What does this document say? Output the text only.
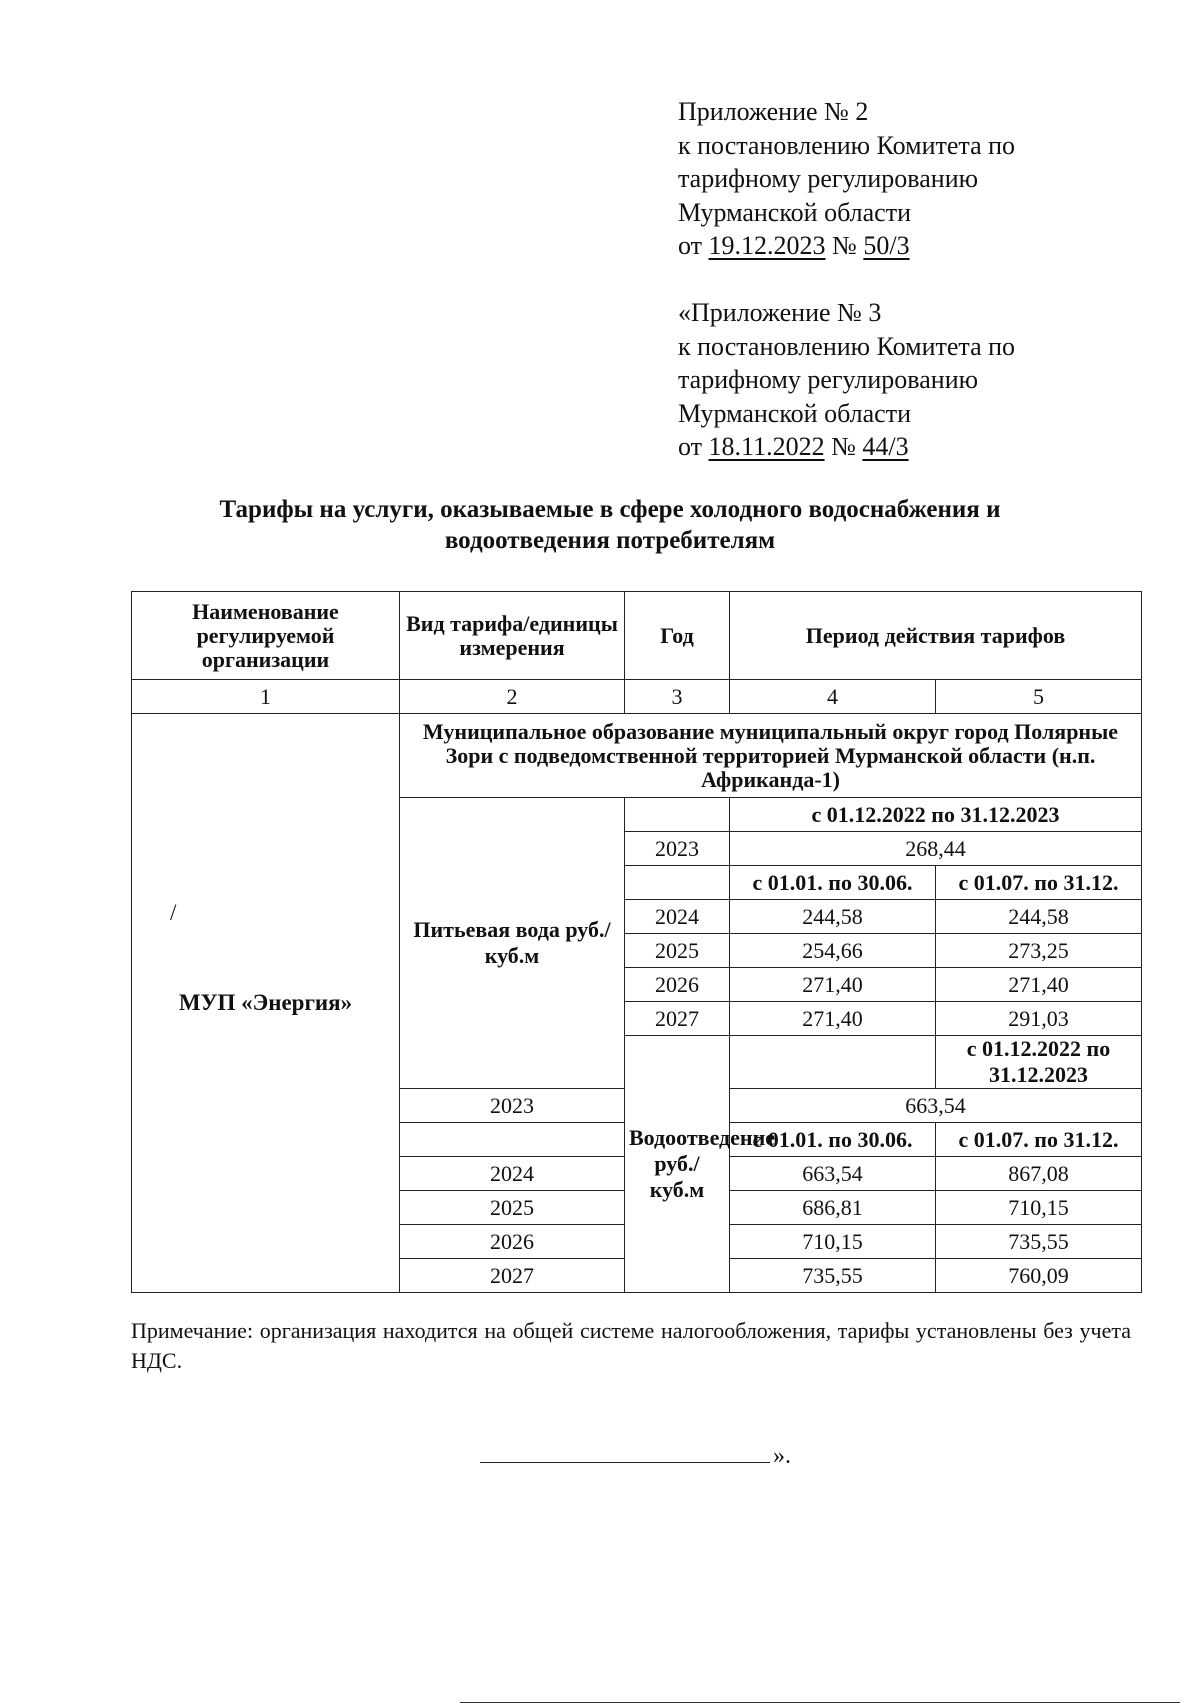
Приложение № 2
к постановлению Комитета по
тарифному регулированию
Мурманской области
от 19.12.2023 № 50/3
«Приложение № 3
к постановлению Комитета по
тарифному регулированию
Мурманской области
от 18.11.2022 № 44/3
Тарифы на услуги, оказываемые в сфере холодного водоснабжения и
водоотведения потребителям
Наименование регулируемой организации	Вид тарифа/единицы измерения	Год	Период действия тарифов	
1	2	3	4	5

/
МУП «Энергия»	Муниципальное образование муниципальный округ город Полярные Зори с подведомственной территорией Мурманской области (н.п. Африканда-1)			
	Питьевая вода руб./куб.м		с 01.12.2022 по 31.12.2023	
		2023	268,44	
			с 01.01. по 30.06.	с 01.07. по 31.12.
		2024	244,58	244,58
		2025	254,66	273,25
		2026	271,40	271,40
		2027	271,40	291,03
		Водоотведение руб./куб.м		с 01.12.2022 по 31.12.2023
	2023		663,54	
			с 01.01. по 30.06.	с 01.07. по 31.12.
	2024		663,54	867,08
	2025		686,81	710,15
	2026		710,15	735,55
	2027		735,55	760,09
Примечание: организация находится на общей системе налогообложения, тарифы установлены без учета НДС.
».
